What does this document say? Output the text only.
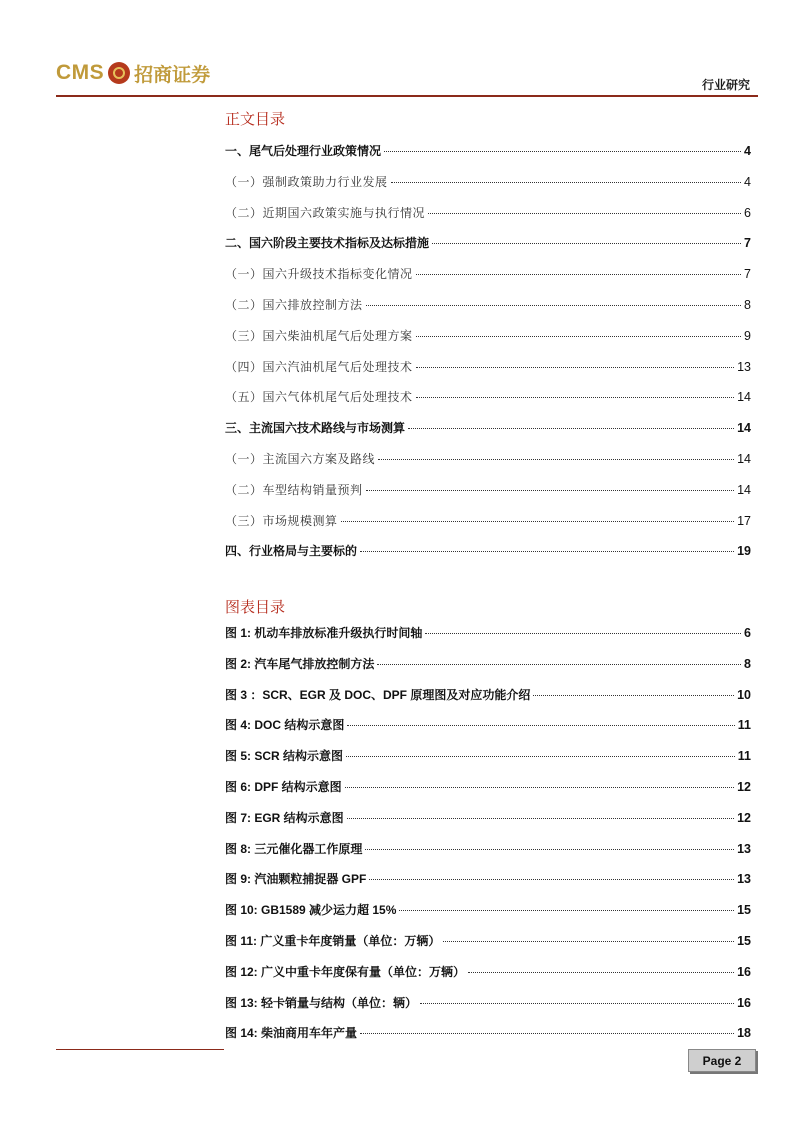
CMS 招商证券	行业研究
正文目录
一、尾气后处理行业政策情况	4
（一）强制政策助力行业发展	4
（二）近期国六政策实施与执行情况	6
二、国六阶段主要技术指标及达标措施	7
（一）国六升级技术指标变化情况	7
（二）国六排放控制方法	8
（三）国六柴油机尾气后处理方案	9
（四）国六汽油机尾气后处理技术	13
（五）国六气体机尾气后处理技术	14
三、主流国六技术路线与市场测算	14
（一）主流国六方案及路线	14
（二）车型结构销量预判	14
（三）市场规模测算	17
四、行业格局与主要标的	19
图表目录
图 1: 机动车排放标准升级执行时间轴	6
图 2: 汽车尾气排放控制方法	8
图 3 ：SCR、EGR 及 DOC、DPF 原理图及对应功能介绍	10
图 4: DOC 结构示意图	11
图 5: SCR 结构示意图	11
图 6: DPF 结构示意图	12
图 7: EGR 结构示意图	12
图 8: 三元催化器工作原理	13
图 9: 汽油颗粒捕捉器 GPF	13
图 10: GB1589 减少运力超 15%	15
图 11: 广义重卡年度销量（单位：万辆）	15
图 12: 广义中重卡年度保有量（单位：万辆）	16
图 13: 轻卡销量与结构（单位：辆）	16
图 14: 柴油商用车年产量	18
Page 2
